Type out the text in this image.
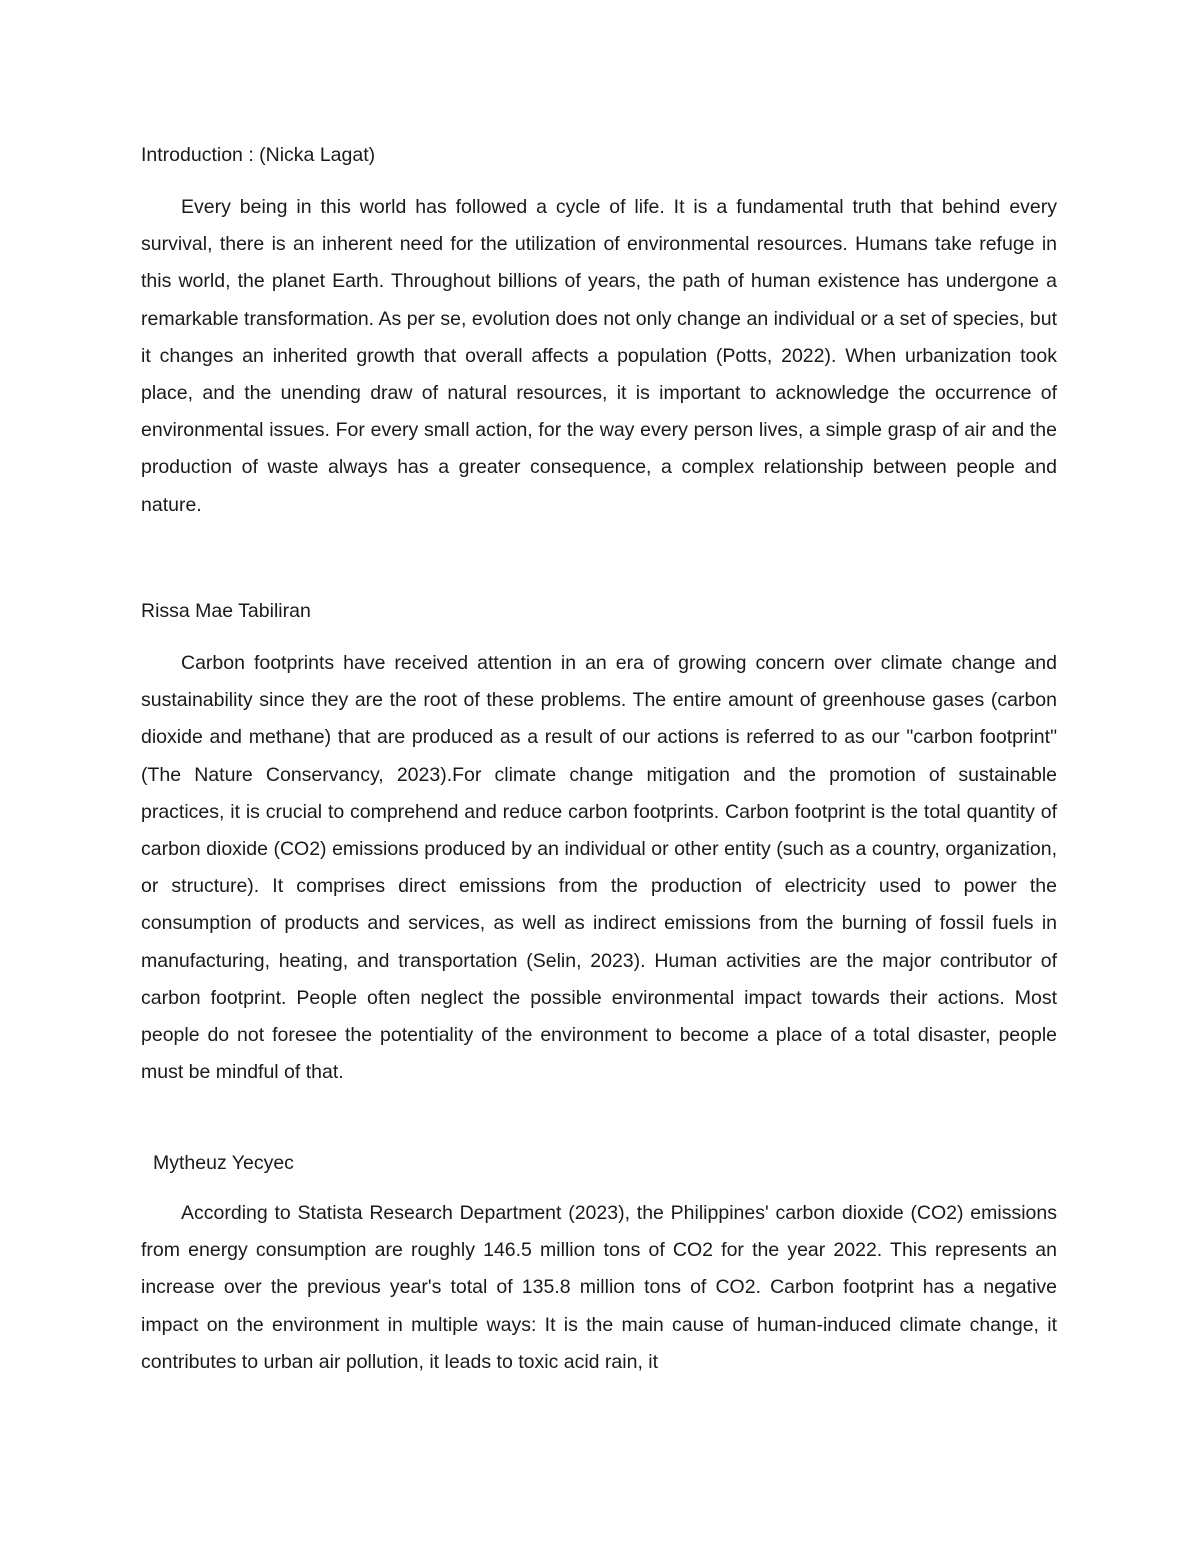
Introduction : (Nicka Lagat)

Every being in this world has followed a cycle of life. It is a fundamental truth that behind every survival, there is an inherent need for the utilization of environmental resources. Humans take refuge in this world, the planet Earth. Throughout billions of years, the path of human existence has undergone a remarkable transformation. As per se, evolution does not only change an individual or a set of species, but it changes an inherited growth that overall affects a population (Potts, 2022). When urbanization took place, and the unending draw of natural resources, it is important to acknowledge the occurrence of environmental issues. For every small action, for the way every person lives, a simple grasp of air and the production of waste always has a greater consequence, a complex relationship between people and nature.

Rissa Mae Tabiliran

Carbon footprints have received attention in an era of growing concern over climate change and sustainability since they are the root of these problems. The entire amount of greenhouse gases (carbon dioxide and methane) that are produced as a result of our actions is referred to as our "carbon footprint" (The Nature Conservancy, 2023).For climate change mitigation and the promotion of sustainable practices, it is crucial to comprehend and reduce carbon footprints. Carbon footprint is the total quantity of carbon dioxide (CO2) emissions produced by an individual or other entity (such as a country, organization, or structure). It comprises direct emissions from the production of electricity used to power the consumption of products and services, as well as indirect emissions from the burning of fossil fuels in manufacturing, heating, and transportation (Selin, 2023). Human activities are the major contributor of carbon footprint. People often neglect the possible environmental impact towards their actions. Most people do not foresee the potentiality of the environment to become a place of a total disaster, people must be mindful of that.

Mytheuz Yecyec

According to Statista Research Department (2023), the Philippines' carbon dioxide (CO2) emissions from energy consumption are roughly 146.5 million tons of CO2 for the year 2022. This represents an increase over the previous year's total of 135.8 million tons of CO2. Carbon footprint has a negative impact on the environment in multiple ways: It is the main cause of human-induced climate change, it contributes to urban air pollution, it leads to toxic acid rain, it
